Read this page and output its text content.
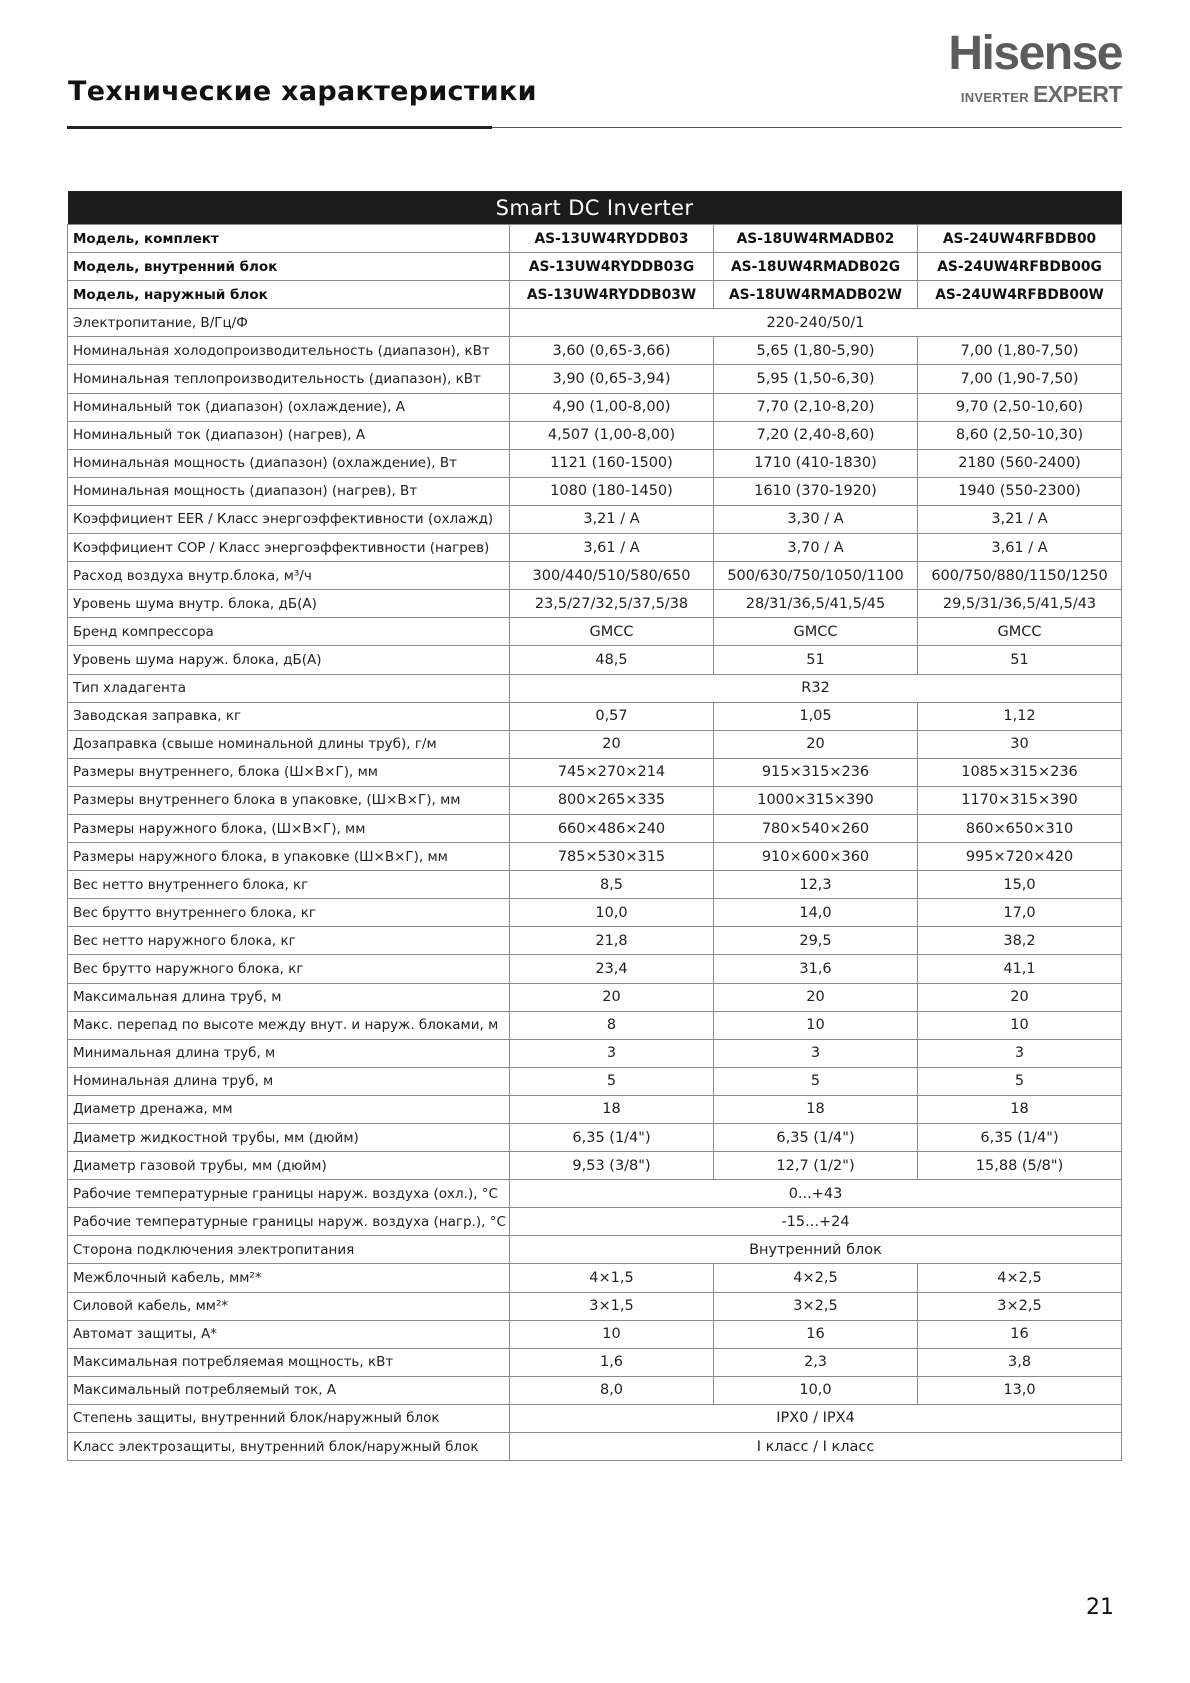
Технические характеристики
Hisense
INVERTER EXPERT
Smart DC Inverter			
Модель, комплект	AS-13UW4RYDDB03	AS-18UW4RMADB02	AS-24UW4RFBDB00
Модель, внутренний блок	AS-13UW4RYDDB03G	AS-18UW4RMADB02G	AS-24UW4RFBDB00G
Модель, наружный блок	AS-13UW4RYDDB03W	AS-18UW4RMADB02W	AS-24UW4RFBDB00W
Электропитание, В/Гц/Ф	220-240/50/1		
Номинальная холодопроизводительность (диапазон), кВт	3,60 (0,65-3,66)	5,65 (1,80-5,90)	7,00 (1,80-7,50)
Номинальная теплопроизводительность (диапазон), кВт	3,90 (0,65-3,94)	5,95 (1,50-6,30)	7,00 (1,90-7,50)
Номинальный ток (диапазон) (охлаждение), А	4,90 (1,00-8,00)	7,70 (2,10-8,20)	9,70 (2,50-10,60)
Номинальный ток (диапазон) (нагрев), А	4,507 (1,00-8,00)	7,20 (2,40-8,60)	8,60 (2,50-10,30)
Номинальная мощность (диапазон) (охлаждение), Вт	1121 (160-1500)	1710 (410-1830)	2180 (560-2400)
Номинальная мощность (диапазон) (нагрев), Вт	1080 (180-1450)	1610 (370-1920)	1940 (550-2300)
Коэффициент EER / Класс энергоэффективности (охлажд)	3,21 / A	3,30 / A	3,21 / A
Коэффициент COP / Класс энергоэффективности (нагрев)	3,61 / A	3,70 / A	3,61 / A
Расход воздуха внутр.блока, м³/ч	300/440/510/580/650	500/630/750/1050/1100	600/750/880/1150/1250
Уровень шума внутр. блока, дБ(А)	23,5/27/32,5/37,5/38	28/31/36,5/41,5/45	29,5/31/36,5/41,5/43
Бренд компрессора	GMCC	GMCC	GMCC
Уровень шума наруж. блока, дБ(А)	48,5	51	51
Тип хладагента	R32		
Заводская заправка, кг	0,57	1,05	1,12
Дозаправка (свыше номинальной длины труб), г/м	20	20	30
Размеры внутреннего, блока (Ш×В×Г), мм	745×270×214	915×315×236	1085×315×236
Размеры внутреннего блока в упаковке, (Ш×В×Г), мм	800×265×335	1000×315×390	1170×315×390
Размеры наружного блока, (Ш×В×Г), мм	660×486×240	780×540×260	860×650×310
Размеры наружного блока, в упаковке (Ш×В×Г), мм	785×530×315	910×600×360	995×720×420
Вес нетто внутреннего блока, кг	8,5	12,3	15,0
Вес брутто внутреннего блока, кг	10,0	14,0	17,0
Вес нетто наружного блока, кг	21,8	29,5	38,2
Вес брутто наружного блока, кг	23,4	31,6	41,1
Максимальная длина труб, м	20	20	20
Макс. перепад по высоте между внут. и наруж. блоками, м	8	10	10
Минимальная длина труб, м	3	3	3
Номинальная длина труб, м	5	5	5
Диаметр дренажа, мм	18	18	18
Диаметр жидкостной трубы, мм (дюйм)	6,35 (1/4")	6,35 (1/4")	6,35 (1/4")
Диаметр газовой трубы, мм (дюйм)	9,53 (3/8")	12,7 (1/2")	15,88 (5/8")
Рабочие температурные границы наруж. воздуха (охл.), °С	0...+43		
Рабочие температурные границы наруж. воздуха (нагр.), °С	-15...+24		
Сторона подключения электропитания	Внутренний блок		
Межблочный кабель, мм²*	4×1,5	4×2,5	4×2,5
Силовой кабель, мм²*	3×1,5	3×2,5	3×2,5
Автомат защиты, А*	10	16	16
Максимальная потребляемая мощность, кВт	1,6	2,3	3,8
Максимальный потребляемый ток, А	8,0	10,0	13,0
Степень защиты, внутренний блок/наружный блок	IPX0 / IPX4		
Класс электрозащиты, внутренний блок/наружный блок	I класс / I класс		
21
